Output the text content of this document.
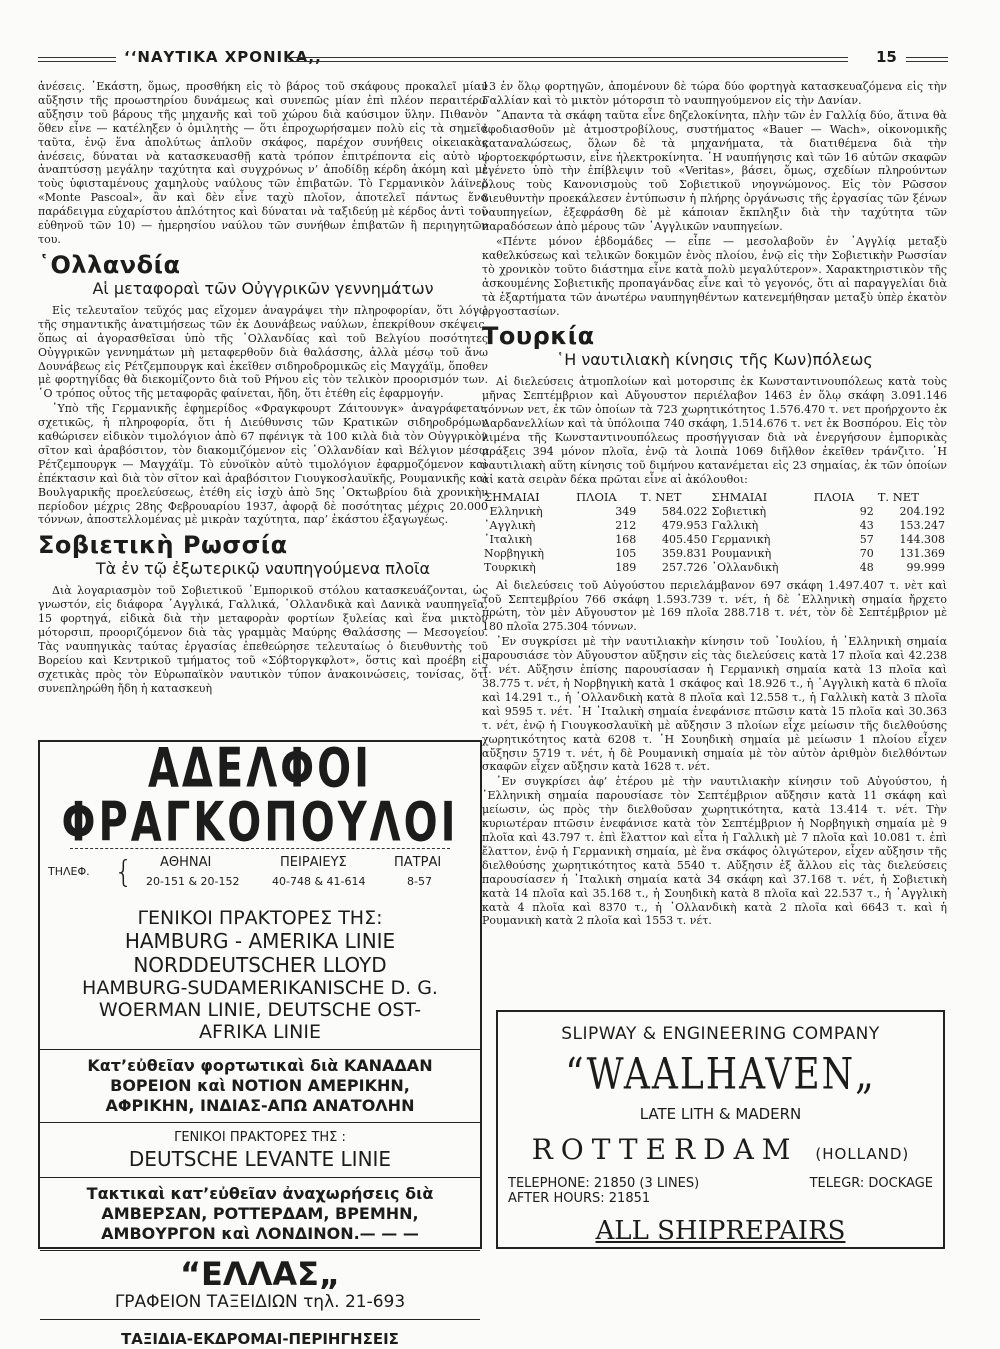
‘‘ΝΑΥΤΙΚΑ ΧΡΟΝΙΚΑ,,	15

ἀνέσεις. ᾿Εκάστη, ὅμως, προσθήκη εἰς τὸ βάρος τοῦ σκάφους προκαλεῖ μίαν αὔξησιν τῆς προωστηρίου δυνάμεως καὶ συνεπῶς μίαν ἐπὶ πλέον περαιτέρω αὔξησιν τοῦ βάρους τῆς μηχανῆς καὶ τοῦ χώρου διὰ καύσιμον ὕλην. Πιθανὸν ὅθεν εἶνε — κατέληξεν ὁ ὁμιλητὴς — ὅτι ἐπροχωρήσαμεν πολὺ εἰς τὰ σημεῖα ταῦτα, ἐνῷ ἕνα ἀπολύτως ἁπλοῦν σκάφος, παρέχον συνήθεις οἰκειακὰς ἀνέσεις, δύναται νὰ κατασκευασθῇ κατὰ τρόπον ἐπιτρέποντα εἰς αὐτὸ ν’ ἀναπτύσσῃ μεγάλην ταχύτητα καὶ συγχρόνως ν’ ἀποδίδῃ κέρδη ἀκόμη καὶ μὲ τοὺς ὑφισταμένους χαμηλοὺς ναύλους τῶν ἐπιβατῶν. Τὸ Γερμανικὸν λάϊνερ «Monte Pascoal», ἂν καὶ δὲν εἶνε ταχὺ πλοῖον, ἀποτελεῖ πάντως ἕνα παράδειγμα εὐχαρίστου ἁπλότητος καὶ δύναται νὰ ταξιδεύῃ μὲ κέρδος ἀντὶ τοῦ εὐθηνοῦ τῶν 10) — ἡμερησίου ναύλου τῶν συνήθων ἐπιβατῶν ἢ περιηγητῶν του.

῾Ολλανδία
Αἱ μεταφοραὶ τῶν Οὐγγρικῶν γεννημάτων

Εἰς τελευταῖον τεῦχός μας εἴχομεν ἀναγράψει τὴν πληροφορίαν, ὅτι λόγῳ τῆς σημαντικῆς ἀνατιμήσεως τῶν ἐκ Δουνάβεως ναύλων, ἐπεκρίθουν σκέψεις, ὅπως αἱ ἀγορασθεῖσαι ὑπὸ τῆς ᾿Ολλανδίας καὶ τοῦ Βελγίου ποσότητες Οὐγγρικῶν γεννημάτων μὴ μεταφερθοῦν διὰ θαλάσσης, ἀλλὰ μέσῳ τοῦ ἄνω Δουνάβεως εἰς Ρέτζεμπουργκ καὶ ἐκεῖθεν σιδηροδρομικῶς εἰς Μαγχάϊμ, ὅποθεν μὲ φορτηγίδας θὰ διεκομίζοντο διὰ τοῦ Ρήνου εἰς τὸν τελικὸν προορισμόν των. ῾Ο τρόπος οὗτος τῆς μεταφορᾶς φαίνεται, ἤδη, ὅτι ἐτέθη εἰς ἐφαρμογήν.

῾Υπὸ τῆς Γερμανικῆς ἐφημερίδος «Φραγκφουρτ Ζάιτουνγκ» ἀναγράφεται, σχετικῶς, ἡ πληροφορία, ὅτι ἡ Διεύθυνσις τῶν Κρατικῶν σιδηροδρόμων καθώρισεν εἰδικὸν τιμολόγιον ἀπὸ 67 πφένιγκ τὰ 100 κιλὰ διὰ τὸν Οὐγγρικὸν σῖτον καὶ ἀραβόσιτον, τὸν διακομιζόμενον εἰς ᾿Ολλανδίαν καὶ Βέλγιον μέσῳ Ρέτζεμπουργκ — Μαγχάϊμ. Τὸ εὐνοϊκὸν αὐτὸ τιμολόγιον ἐφαρμοζόμενον καὶ ἐπέκτασιν καὶ διὰ τὸν σῖτον καὶ ἀραβόσιτον Γιουγκοσλαυϊκῆς, Ρουμανικῆς καὶ Βουλγαρικῆς προελεύσεως, ἐτέθη εἰς ἰσχὺ ἀπὸ 5ης ᾿Οκτωβρίου διὰ χρονικὴν περίοδον μέχρις 28ης Φεβρουαρίου 1937, ἀφορᾷ δὲ ποσότητας μέχρις 20.000 τόννων, ἀποστελλομένας μὲ μικρὰν ταχύτητα, παρ’ ἑκάστου ἐξαγωγέως.

Σοβιετικὴ Ρωσσία
Τὰ ἐν τῷ ἐξωτερικῷ ναυπηγούμενα πλοῖα

Διὰ λογαριασμὸν τοῦ Σοβιετικοῦ ᾿Εμπορικοῦ στόλου κατασκευάζονται, ὡς γνωστόν, εἰς διάφορα ᾿Αγγλικά, Γαλλικά, ᾿Ολλανδικὰ καὶ Δανικὰ ναυπηγεῖα, 15 φορτηγά, εἰδικὰ διὰ τὴν μεταφορὰν φορτίων ξυλείας καὶ ἕνα μικτὸν μότορσιπ, προοριζόμενον διὰ τὰς γραμμὰς Μαύρης Θαλάσσης — Μεσογείου. Τὰς ναυπηγικὰς ταύτας ἐργασίας ἐπεθεώρησε τελευταίως ὁ διευθυντὴς τοῦ Βορείου καὶ Κεντρικοῦ τμήματος τοῦ «Σόβτοργκφλοτ», ὅστις καὶ προέβη εἰς σχετικὰς πρὸς τὸν Εὐρωπαϊκὸν ναυτικὸν τύπον ἀνακοινώσεις, τονίσας, ὅτι συνεπληρώθη ἤδη ἡ κατασκευὴ

13 ἐν ὅλῳ φορτηγῶν, ἀπομένουν δὲ τώρα δύο φορτηγὰ κατασκευαζόμενα εἰς τὴν Γαλλίαν καὶ τὸ μικτὸν μότορσιπ τὸ ναυπηγούμενον εἰς τὴν Δανίαν.

῎Απαντα τὰ σκάφη ταῦτα εἶνε δηζελοκίνητα, πλὴν τῶν ἐν Γαλλίᾳ δύο, ἅτινα θὰ ἐφοδιασθοῦν μὲ ἀτμοστροβίλους, συστήματος «Bauer — Wach», οἰκονομικῆς καταναλώσεως, ὅλων δὲ τὰ μηχανήματα, τὰ διατιθέμενα διὰ τὴν φορτοεκφόρτωσιν, εἶνε ἠλεκτροκίνητα. ῾Η ναυπήγησις καὶ τῶν 16 αὐτῶν σκαφῶν ἐγένετο ὑπὸ τὴν ἐπίβλεψιν τοῦ «Veritas», βάσει, ὅμως, σχεδίων πληρούντων ὅλους τοὺς Κανονισμοὺς τοῦ Σοβιετικοῦ νηογνώμονος. Εἰς τὸν Ρῶσσον διευθυντὴν προεκάλεσεν ἐντύπωσιν ἡ πλήρης ὀργάνωσις τῆς ἐργασίας τῶν ξένων ναυπηγείων, ἐξεφράσθη δὲ μὲ κάποιαν ἔκπληξιν διὰ τὴν ταχύτητα τῶν παραδόσεων ἀπὸ μέρους τῶν ᾿Αγγλικῶν ναυπηγείων.

«Πέντε μόνον ἑβδομάδες — εἶπε — μεσολαβοῦν ἐν ᾿Αγγλίᾳ μεταξὺ καθελκύσεως καὶ τελικῶν δοκιμῶν ἑνὸς πλοίου, ἐνῷ εἰς τὴν Σοβιετικὴν Ρωσσίαν τὸ χρονικὸν τοῦτο διάστημα εἶνε κατὰ πολὺ μεγαλύτερον». Χαρακτηριστικὸν τῆς ἀσκουμένης Σοβιετικῆς προπαγάνδας εἶνε καὶ τὸ γεγονός, ὅτι αἱ παραγγελίαι διὰ τὰ ἐξαρτήματα τῶν ἀνωτέρω ναυπηγηθέντων κατενεμήθησαν μεταξὺ ὑπὲρ ἑκατὸν ἐργοστασίων.

Τουρκία
῾Η ναυτιλιακὴ κίνησις τῆς Κων)πόλεως

Αἱ διελεύσεις ἀτμοπλοίων καὶ μοτορσιπς ἐκ Κωνσταντινουπόλεως κατὰ τοὺς μῆνας Σεπτέμβριον καὶ Αὔγουστον περιέλαβον 1463 ἐν ὅλῳ σκάφη 3.091.146 τόννων νετ, ἐκ τῶν ὁποίων τὰ 723 χωρητικότητος 1.576.470 τ. νετ προήρχοντο ἐκ Δαρδανελλίων καὶ τὰ ὑπόλοιπα 740 σκάφη, 1.514.676 τ. νετ ἐκ Βοσπόρου. Εἰς τὸν λιμένα τῆς Κωνσταντινουπόλεως προσήγγισαν διὰ νὰ ἐνεργήσουν ἐμπορικὰς πράξεις 394 μόνον πλοῖα, ἐνῷ τὰ λοιπὰ 1069 διῆλθον ἐκεῖθεν τράνζιτο. ῾Η ναυτιλιακὴ αὕτη κίνησις τοῦ διμήνου κατανέμεται εἰς 23 σημαίας, ἐκ τῶν ὁποίων αἱ κατὰ σειρὰν δέκα πρῶται εἶνε αἱ ἀκόλουθοι:

ΣΗΜΑΙΑΙ	ΠΛΟΙΑ	Τ. ΝΕΤ	ΣΗΜΑΙΑΙ	ΠΛΟΙΑ	Τ. ΝΕΤ
᾿Ελληνικὴ	349	584.022	Σοβιετικὴ	92	204.192
᾿Αγγλικὴ	212	479.953	Γαλλικὴ	43	153.247
᾿Ιταλικὴ	168	405.450	Γερμανικὴ	57	144.308
Νορβηγικὴ	105	359.831	Ρουμανικὴ	70	131.369
Τουρκικὴ	189	257.726	᾿Ολλανδικὴ	48	99.999

Αἱ διελεύσεις τοῦ Αὐγούστου περιελάμβανον 697 σκάφη 1.497.407 τ. νὲτ καὶ τοῦ Σεπτεμβρίου 766 σκάφη 1.593.739 τ. νέτ, ἡ δὲ ῾Ελληνικὴ σημαία ἤρχετο πρώτη, τὸν μὲν Αὔγουστον μὲ 169 πλοῖα 288.718 τ. νέτ, τὸν δὲ Σεπτέμβριον μὲ 180 πλοῖα 275.304 τόννων.

᾿Εν συγκρίσει μὲ τὴν ναυτιλιακὴν κίνησιν τοῦ ᾿Ιουλίου, ἡ ῾Ελληνικὴ σημαία παρουσιάσε τὸν Αὔγουστον αὔξησιν εἰς τὰς διελεύσεις κατὰ 17 πλοῖα καὶ 42.238 τ. νέτ. Αὔξησιν ἐπίσης παρουσίασαν ἡ Γερμανικὴ σημαία κατὰ 13 πλοῖα καὶ 38.775 τ. νέτ, ἡ Νορβηγικὴ κατὰ 1 σκάφος καὶ 18.926 τ., ἡ ᾿Αγγλικὴ κατὰ 6 πλοῖα καὶ 14.291 τ., ἡ ᾿Ολλανδικὴ κατὰ 8 πλοῖα καὶ 12.558 τ., ἡ Γαλλικὴ κατὰ 3 πλοῖα καὶ 9595 τ. νέτ. ῾Η ᾿Ιταλικὴ σημαία ἐνεφάνισε πτῶσιν κατὰ 15 πλοῖα καὶ 30.363 τ. νέτ, ἐνῷ ἡ Γιουγκοσλαυϊκὴ μὲ αὔξησιν 3 πλοίων εἶχε μείωσιν τῆς διελθούσης χωρητικότητος κατὰ 6208 τ. ῾Η Σουηδικὴ σημαία μὲ μείωσιν 1 πλοίου εἶχεν αὔξησιν 5719 τ. νέτ, ἡ δὲ Ρουμανικὴ σημαία μὲ τὸν αὐτὸν ἀριθμὸν διελθόντων σκαφῶν εἶχεν αὔξησιν κατὰ 1628 τ. νέτ.

᾿Εν συγκρίσει ἀφ’ ἑτέρου μὲ τὴν ναυτιλιακὴν κίνησιν τοῦ Αὐγούστου, ἡ ῾Ελληνικὴ σημαία παρουσίασε τὸν Σεπτέμβριον αὔξησιν κατὰ 11 σκάφη καὶ μείωσιν, ὡς πρὸς τὴν διελθοῦσαν χωρητικότητα, κατὰ 13.414 τ. νέτ. Τὴν κυριωτέραν πτῶσιν ἐνεφάνισε κατὰ τὸν Σεπτέμβριον ἡ Νορβηγικὴ σημαία μὲ 9 πλοῖα καὶ 43.797 τ. ἐπὶ ἔλαττον καὶ εἶτα ἡ Γαλλικὴ μὲ 7 πλοῖα καὶ 10.081 τ. ἐπὶ ἔλαττον, ἐνῷ ἡ Γερμανικὴ σημαία, μὲ ἕνα σκάφος ὀλιγώτερον, εἶχεν αὔξησιν τῆς διελθούσης χωρητικότητος κατὰ 5540 τ. Αὔξησιν ἐξ ἄλλου εἰς τὰς διελεύσεις παρουσίασεν ἡ ᾿Ιταλικὴ σημαία κατὰ 34 σκάφη καὶ 37.168 τ. νέτ, ἡ Σοβιετικὴ κατὰ 14 πλοῖα καὶ 35.168 τ., ἡ Σουηδικὴ κατὰ 8 πλοῖα καὶ 22.537 τ., ἡ ᾿Αγγλικὴ κατὰ 4 πλοῖα καὶ 8370 τ., ἡ ᾿Ολλανδικὴ κατὰ 2 πλοῖα καὶ 6643 τ. καὶ ἡ Ρουμανικὴ κατὰ 2 πλοῖα καὶ 1553 τ. νέτ.

ΑΔΕΛΦΟΙ ΦΡΑΓΚΟΠΟΥΛΟΙ
ΤΗΛΕΦ. { ΑΘΗΝΑΙ
20-151 & 20-152
ΠΕΙΡΑΙΕΥΣ
40-748 & 41-614
ΠΑΤΡΑΙ
8-57
ΓΕΝΙΚΟΙ ΠΡΑΚΤΟΡΕΣ ΤΗΣ:
HAMBURG - AMERIKA LINIE
NORDDEUTSCHER LLOYD
HAMBURG-SUDAMERIKANISCHE D. G.
WOERMAN LINIE, DEUTSCHE OST-
AFRIKA LINIE
Κατ’εὐθεῖαν φορτωτικαὶ διὰ ΚΑΝΑΔΑΝ
ΒΟΡΕΙΟΝ καὶ ΝΟΤΙΟΝ ΑΜΕΡΙΚΗΝ,
ΑΦΡΙΚΗΝ, ΙΝΔΙΑΣ-ΑΠΩ ΑΝΑΤΟΛΗΝ
ΓΕΝΙΚΟΙ ΠΡΑΚΤΟΡΕΣ ΤΗΣ :
DEUTSCHE LEVANTE LINIE
Τακτικαὶ κατ’εὐθεῖαν ἀναχωρήσεις διὰ
ΑΜΒΕΡΣΑΝ, ΡΟΤΤΕΡΔΑΜ, ΒΡΕΜΗΝ,
ΑΜΒΟΥΡΓΟΝ καὶ ΛΟΝΔΙΝΟΝ.— — —
“ΕΛΛΑΣ„
ΓΡΑΦΕΙΟΝ ΤΑΞΕΙΔΙΩΝ τηλ. 21-693
ΤΑΞΙΔΙΑ-ΕΚΔΡΟΜΑΙ-ΠΕΡΙΗΓΗΣΕΙΣ
SLIPWAY & ENGINEERING COMPANY
“WAALHAVEN„
LATE LITH & MADERN
ROTTERDAM (HOLLAND)
TELEPHONE: 21850 (3 LINES)
AFTER HOURS: 21851
TELEGR: DOCKAGE
ALL SHIPREPAIRS
